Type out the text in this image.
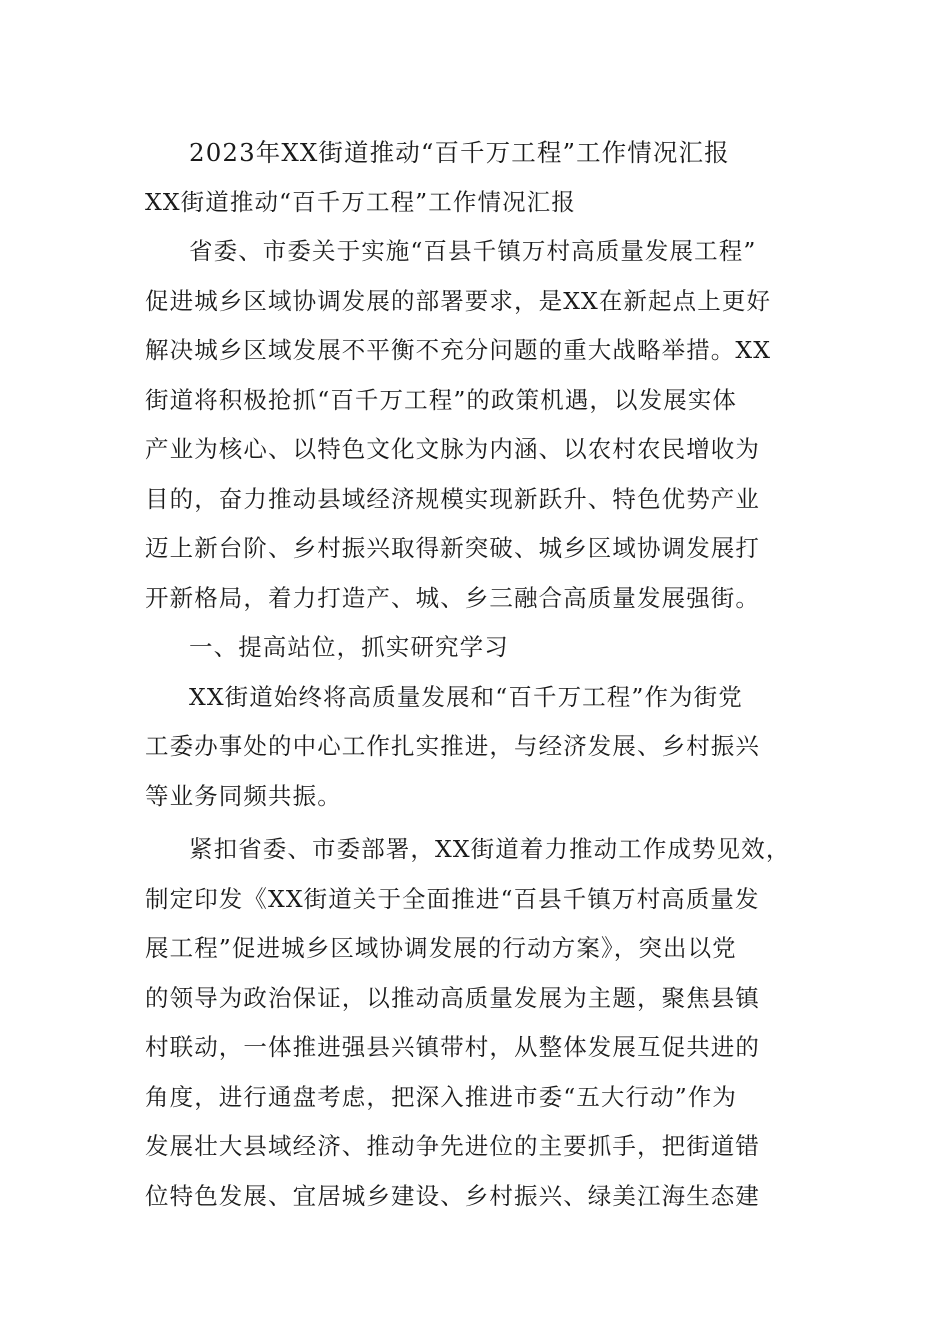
2023年XX街道推动“百千万工程”工作情况汇报
XX街道推动“百千万工程”工作情况汇报
省委、市委关于实施“百县千镇万村高质量发展工程”
促进城乡区域协调发展的部署要求，是XX在新起点上更好
解决城乡区域发展不平衡不充分问题的重大战略举措。XX
街道将积极抢抓“百千万工程”的政策机遇，以发展实体
产业为核心、以特色文化文脉为内涵、以农村农民增收为
目的，奋力推动县域经济规模实现新跃升、特色优势产业
迈上新台阶、乡村振兴取得新突破、城乡区域协调发展打
开新格局，着力打造产、城、乡三融合高质量发展强街。
一、提高站位，抓实研究学习
XX街道始终将高质量发展和“百千万工程”作为街党
工委办事处的中心工作扎实推进，与经济发展、乡村振兴
等业务同频共振。
紧扣省委、市委部署，XX街道着力推动工作成势见效，
制定印发《XX街道关于全面推进“百县千镇万村高质量发
展工程”促进城乡区域协调发展的行动方案》，突出以党
的领导为政治保证，以推动高质量发展为主题，聚焦县镇
村联动，一体推进强县兴镇带村，从整体发展互促共进的
角度，进行通盘考虑，把深入推进市委“五大行动”作为
发展壮大县域经济、推动争先进位的主要抓手，把街道错
位特色发展、宜居城乡建设、乡村振兴、绿美江海生态建
